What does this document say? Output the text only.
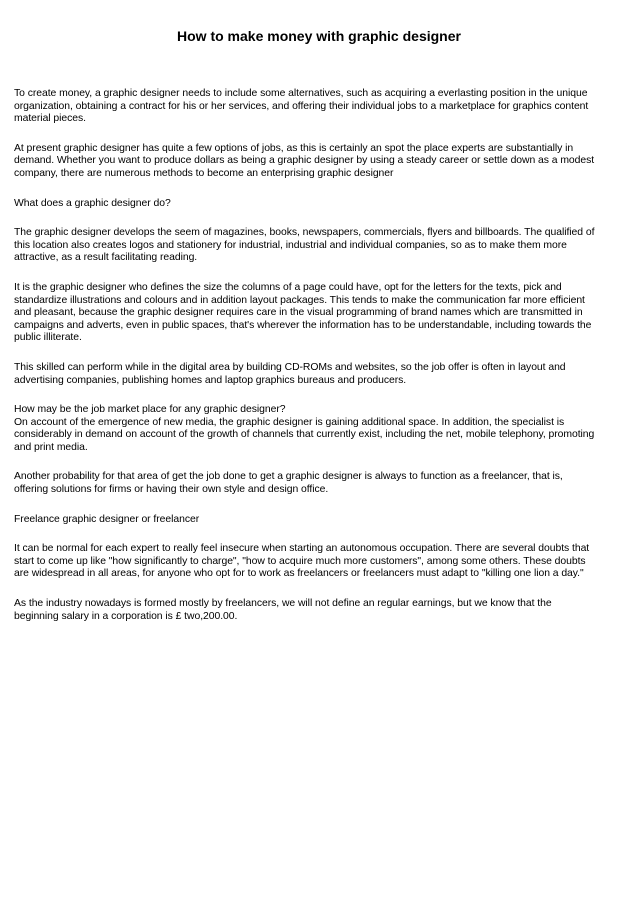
How to make money with graphic designer

To create money, a graphic designer needs to include some alternatives, such as acquiring a everlasting position in the unique
organization, obtaining a contract for his or her services, and offering their individual jobs to a marketplace for graphics content
material pieces.

At present graphic designer has quite a few options of jobs, as this is certainly an spot the place experts are substantially in
demand. Whether you want to produce dollars as being a graphic designer by using a steady career or settle down as a modest
company, there are numerous methods to become an enterprising graphic designer

What does a graphic designer do?

The graphic designer develops the seem of magazines, books, newspapers, commercials, flyers and billboards. The qualified of
this location also creates logos and stationery for industrial, industrial and individual companies, so as to make them more
attractive, as a result facilitating reading.

It is the graphic designer who defines the size the columns of a page could have, opt for the letters for the texts, pick and
standardize illustrations and colours and in addition layout packages. This tends to make the communication far more efficient
and pleasant, because the graphic designer requires care in the visual programming of brand names which are transmitted in
campaigns and adverts, even in public spaces, that's wherever the information has to be understandable, including towards the
public illiterate.

This skilled can perform while in the digital area by building CD-ROMs and websites, so the job offer is often in layout and
advertising companies, publishing homes and laptop graphics bureaus and producers.

How may be the job market place for any graphic designer?
On account of the emergence of new media, the graphic designer is gaining additional space. In addition, the specialist is
considerably in demand on account of the growth of channels that currently exist, including the net, mobile telephony, promoting
and print media.

Another probability for that area of get the job done to get a graphic designer is always to function as a freelancer, that is,
offering solutions for firms or having their own style and design office.

Freelance graphic designer or freelancer

It can be normal for each expert to really feel insecure when starting an autonomous occupation. There are several doubts that
start to come up like "how significantly to charge", "how to acquire much more customers", among some others. These doubts
are widespread in all areas, for anyone who opt for to work as freelancers or freelancers must adapt to "killing one lion a day."

As the industry nowadays is formed mostly by freelancers, we will not define an regular earnings, but we know that the
beginning salary in a corporation is £ two,200.00.
